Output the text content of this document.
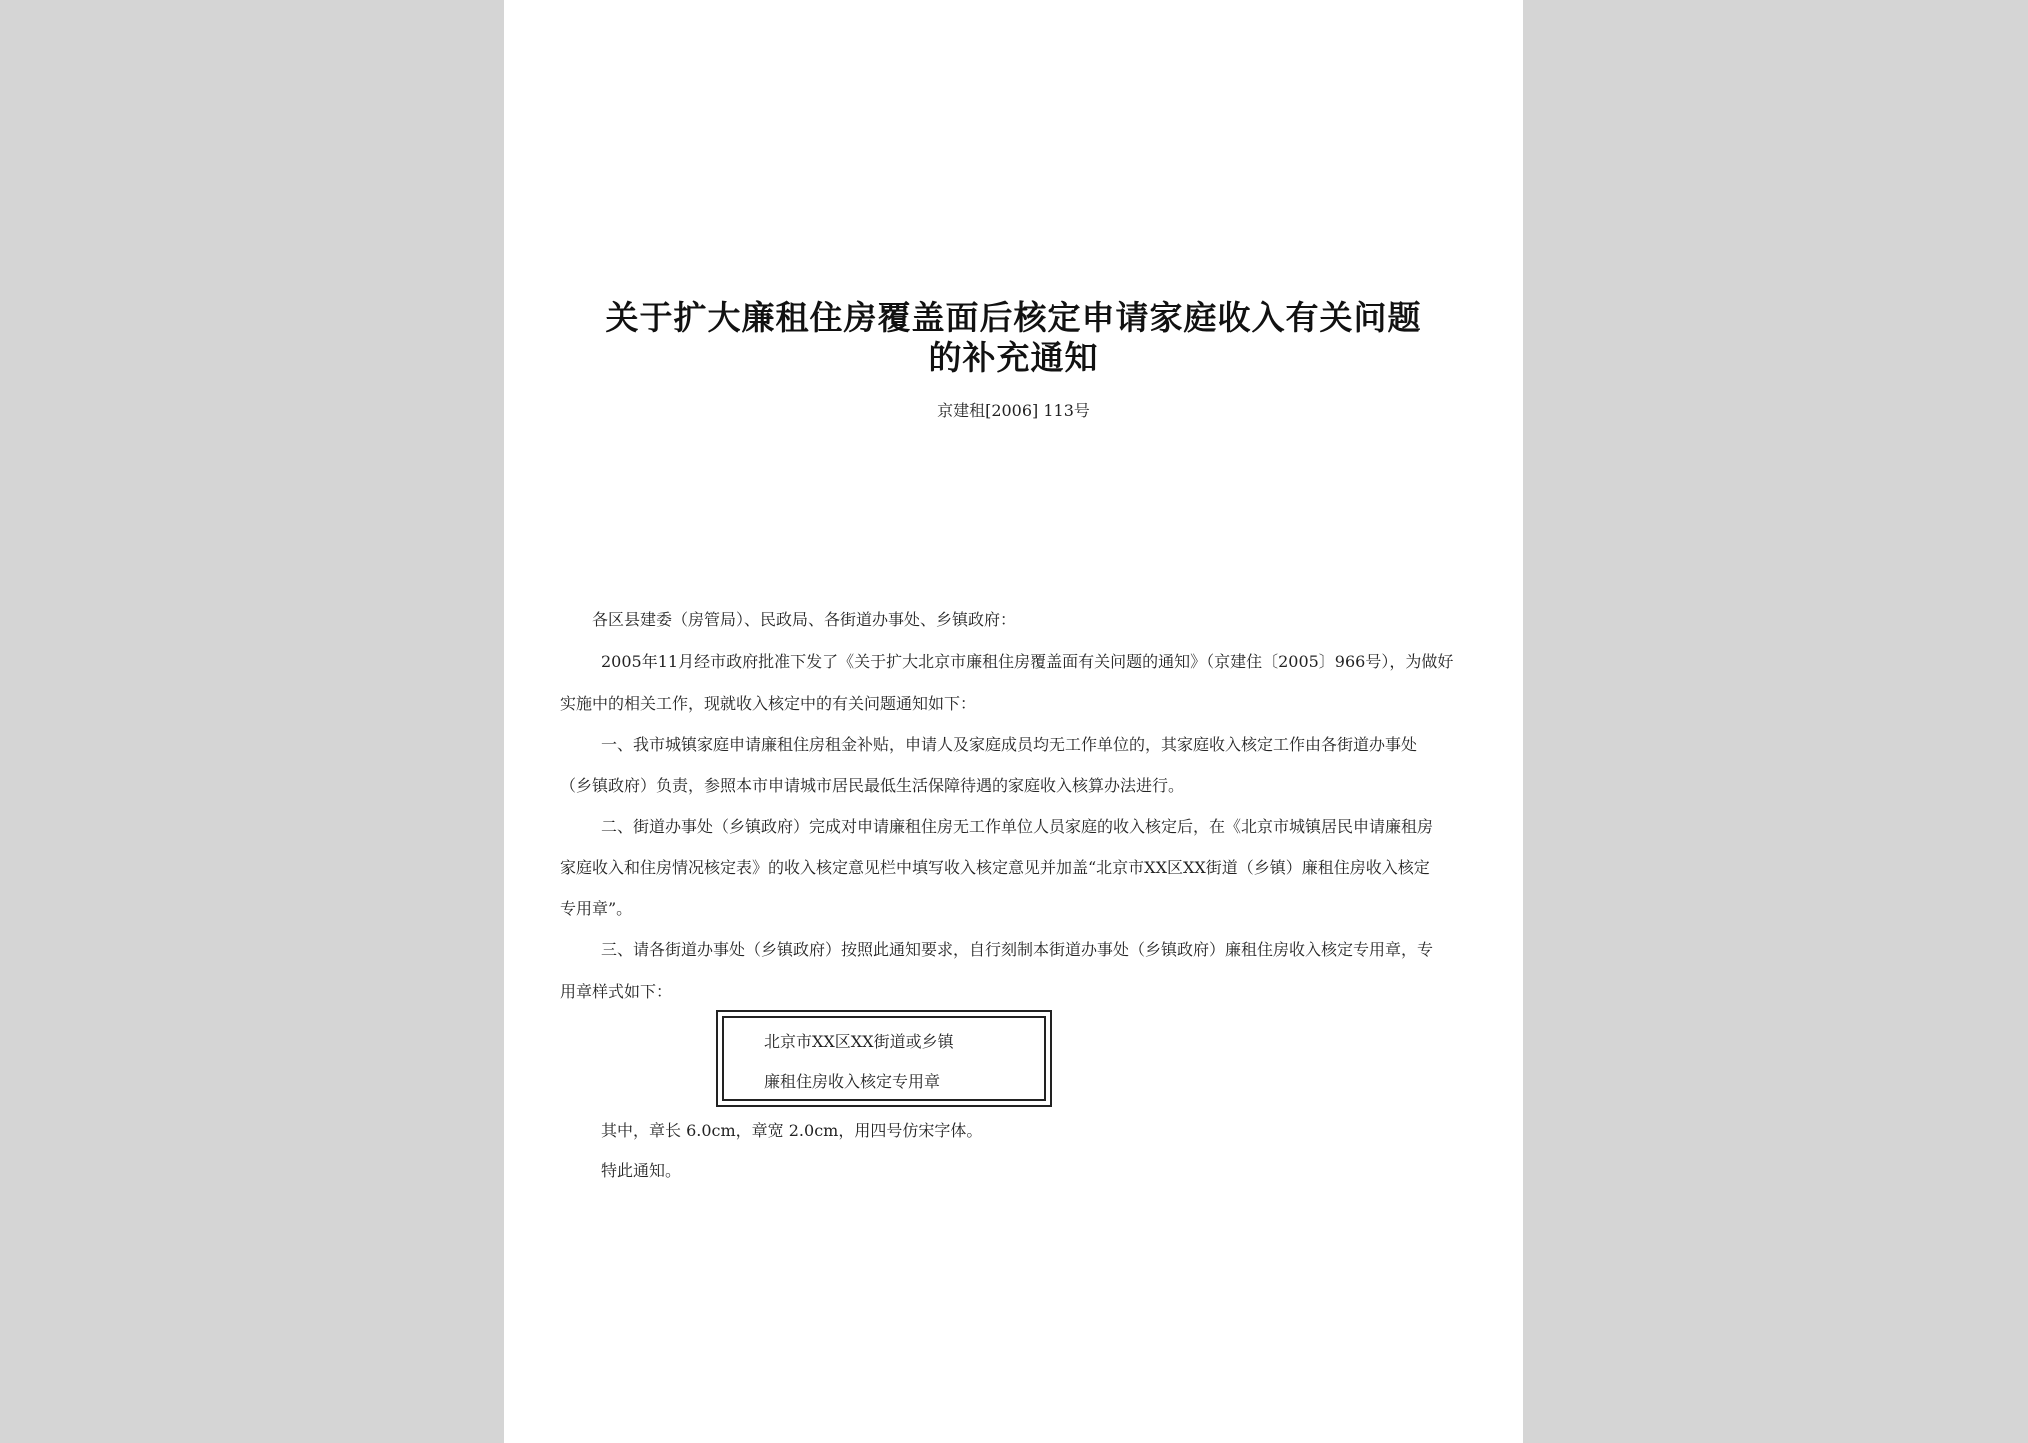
关于扩大廉租住房覆盖面后核定申请家庭收入有关问题
的补充通知
京建租[2006] 113号
各区县建委（房管局）、民政局、各街道办事处、乡镇政府：
2005年11月经市政府批准下发了《关于扩大北京市廉租住房覆盖面有关问题的通知》（京建住〔2005〕966号），为做好
实施中的相关工作，现就收入核定中的有关问题通知如下：
一、我市城镇家庭申请廉租住房租金补贴，申请人及家庭成员均无工作单位的，其家庭收入核定工作由各街道办事处
（乡镇政府）负责，参照本市申请城市居民最低生活保障待遇的家庭收入核算办法进行。
二、街道办事处（乡镇政府）完成对申请廉租住房无工作单位人员家庭的收入核定后，在《北京市城镇居民申请廉租房
家庭收入和住房情况核定表》的收入核定意见栏中填写收入核定意见并加盖“北京市XX区XX街道（乡镇）廉租住房收入核定
专用章”。
三、请各街道办事处（乡镇政府）按照此通知要求，自行刻制本街道办事处（乡镇政府）廉租住房收入核定专用章，专
用章样式如下：
北京市XX区XX街道或乡镇
廉租住房收入核定专用章
其中，章长 6.0cm，章宽 2.0cm，用四号仿宋字体。
特此通知。
